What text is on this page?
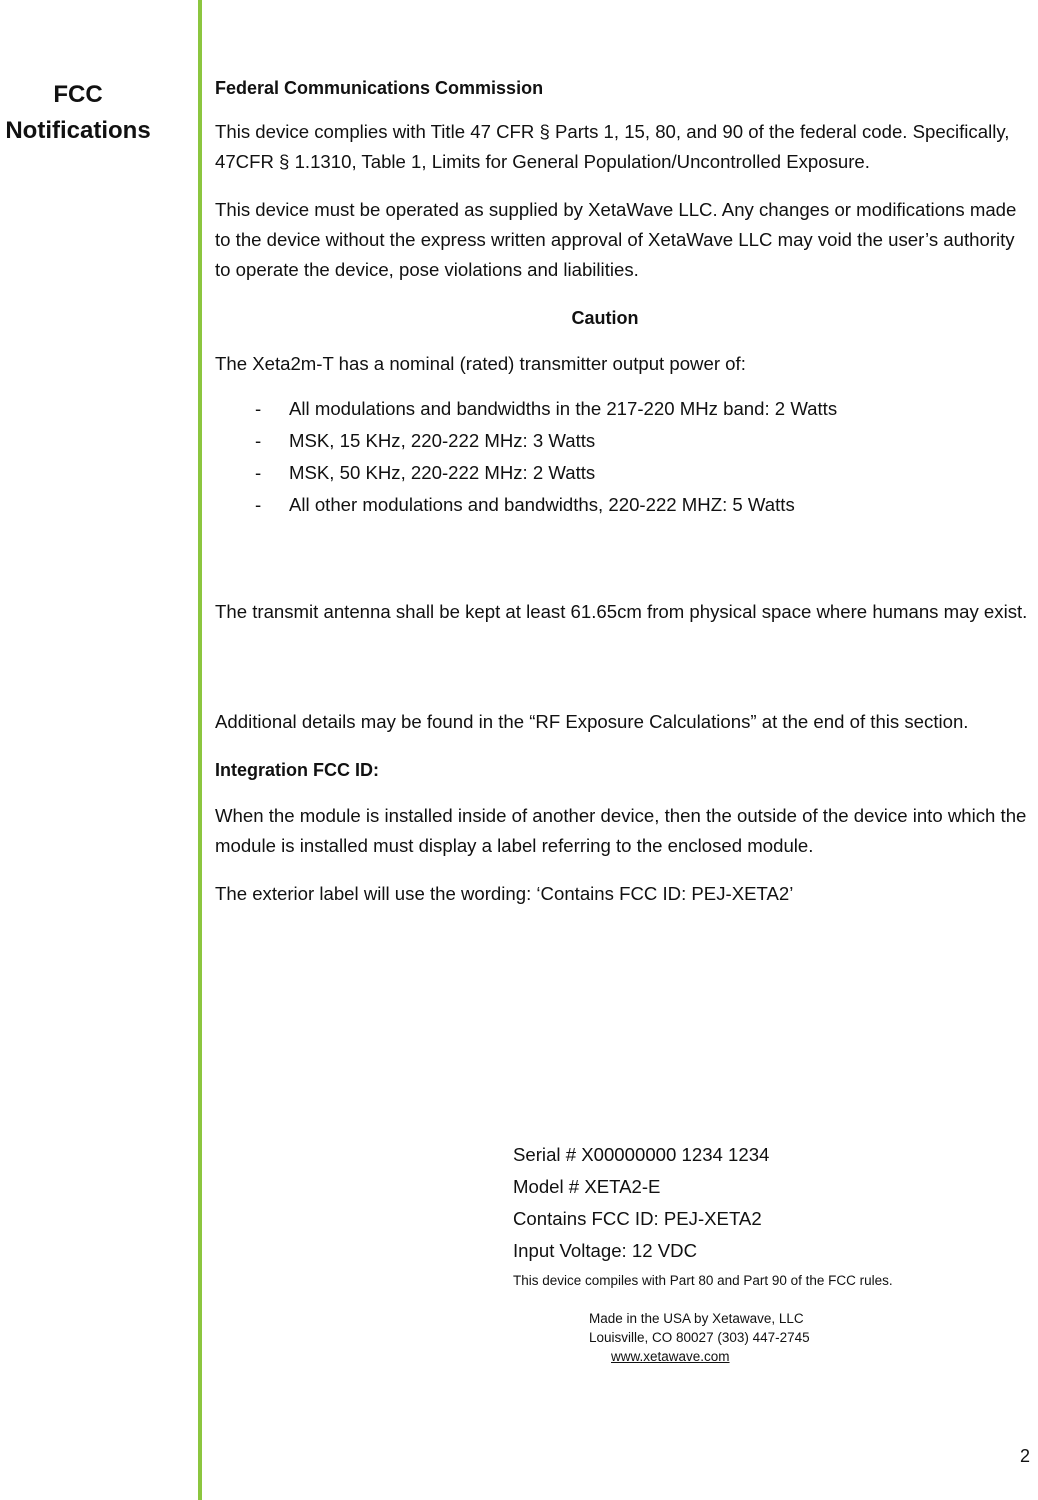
FCC
Notifications

Federal Communications Commission

This device complies with Title 47 CFR § Parts 1, 15, 80, and 90 of the federal code. Specifically, 47CFR § 1.1310, Table 1, Limits for General Population/Uncontrolled Exposure.

This device must be operated as supplied by XetaWave LLC. Any changes or modifications made to the device without the express written approval of XetaWave LLC may void the user’s authority to operate the device, pose violations and liabilities.

Caution

The Xeta2m-T has a nominal (rated) transmitter output power of:

- All modulations and bandwidths in the 217-220 MHz band: 2 Watts
- MSK, 15 KHz, 220-222 MHz: 3 Watts
- MSK, 50 KHz, 220-222 MHz: 2 Watts
- All other modulations and bandwidths, 220-222 MHZ: 5 Watts

The transmit antenna shall be kept at least 61.65cm from physical space where humans may exist.

Additional details may be found in the “RF Exposure Calculations” at the end of this section.

Integration FCC ID:

When the module is installed inside of another device, then the outside of the device into which the module is installed must display a label referring to the enclosed module.

The exterior label will use the wording: ‘Contains FCC ID: PEJ-XETA2’

Serial # X00000000 1234 1234
Model # XETA2-E
Contains FCC ID: PEJ-XETA2
Input Voltage: 12 VDC
This device compiles with Part 80 and Part 90 of the FCC rules.
Made in the USA by Xetawave, LLC
Louisville, CO 80027 (303) 447-2745
www.xetawave.com
2
